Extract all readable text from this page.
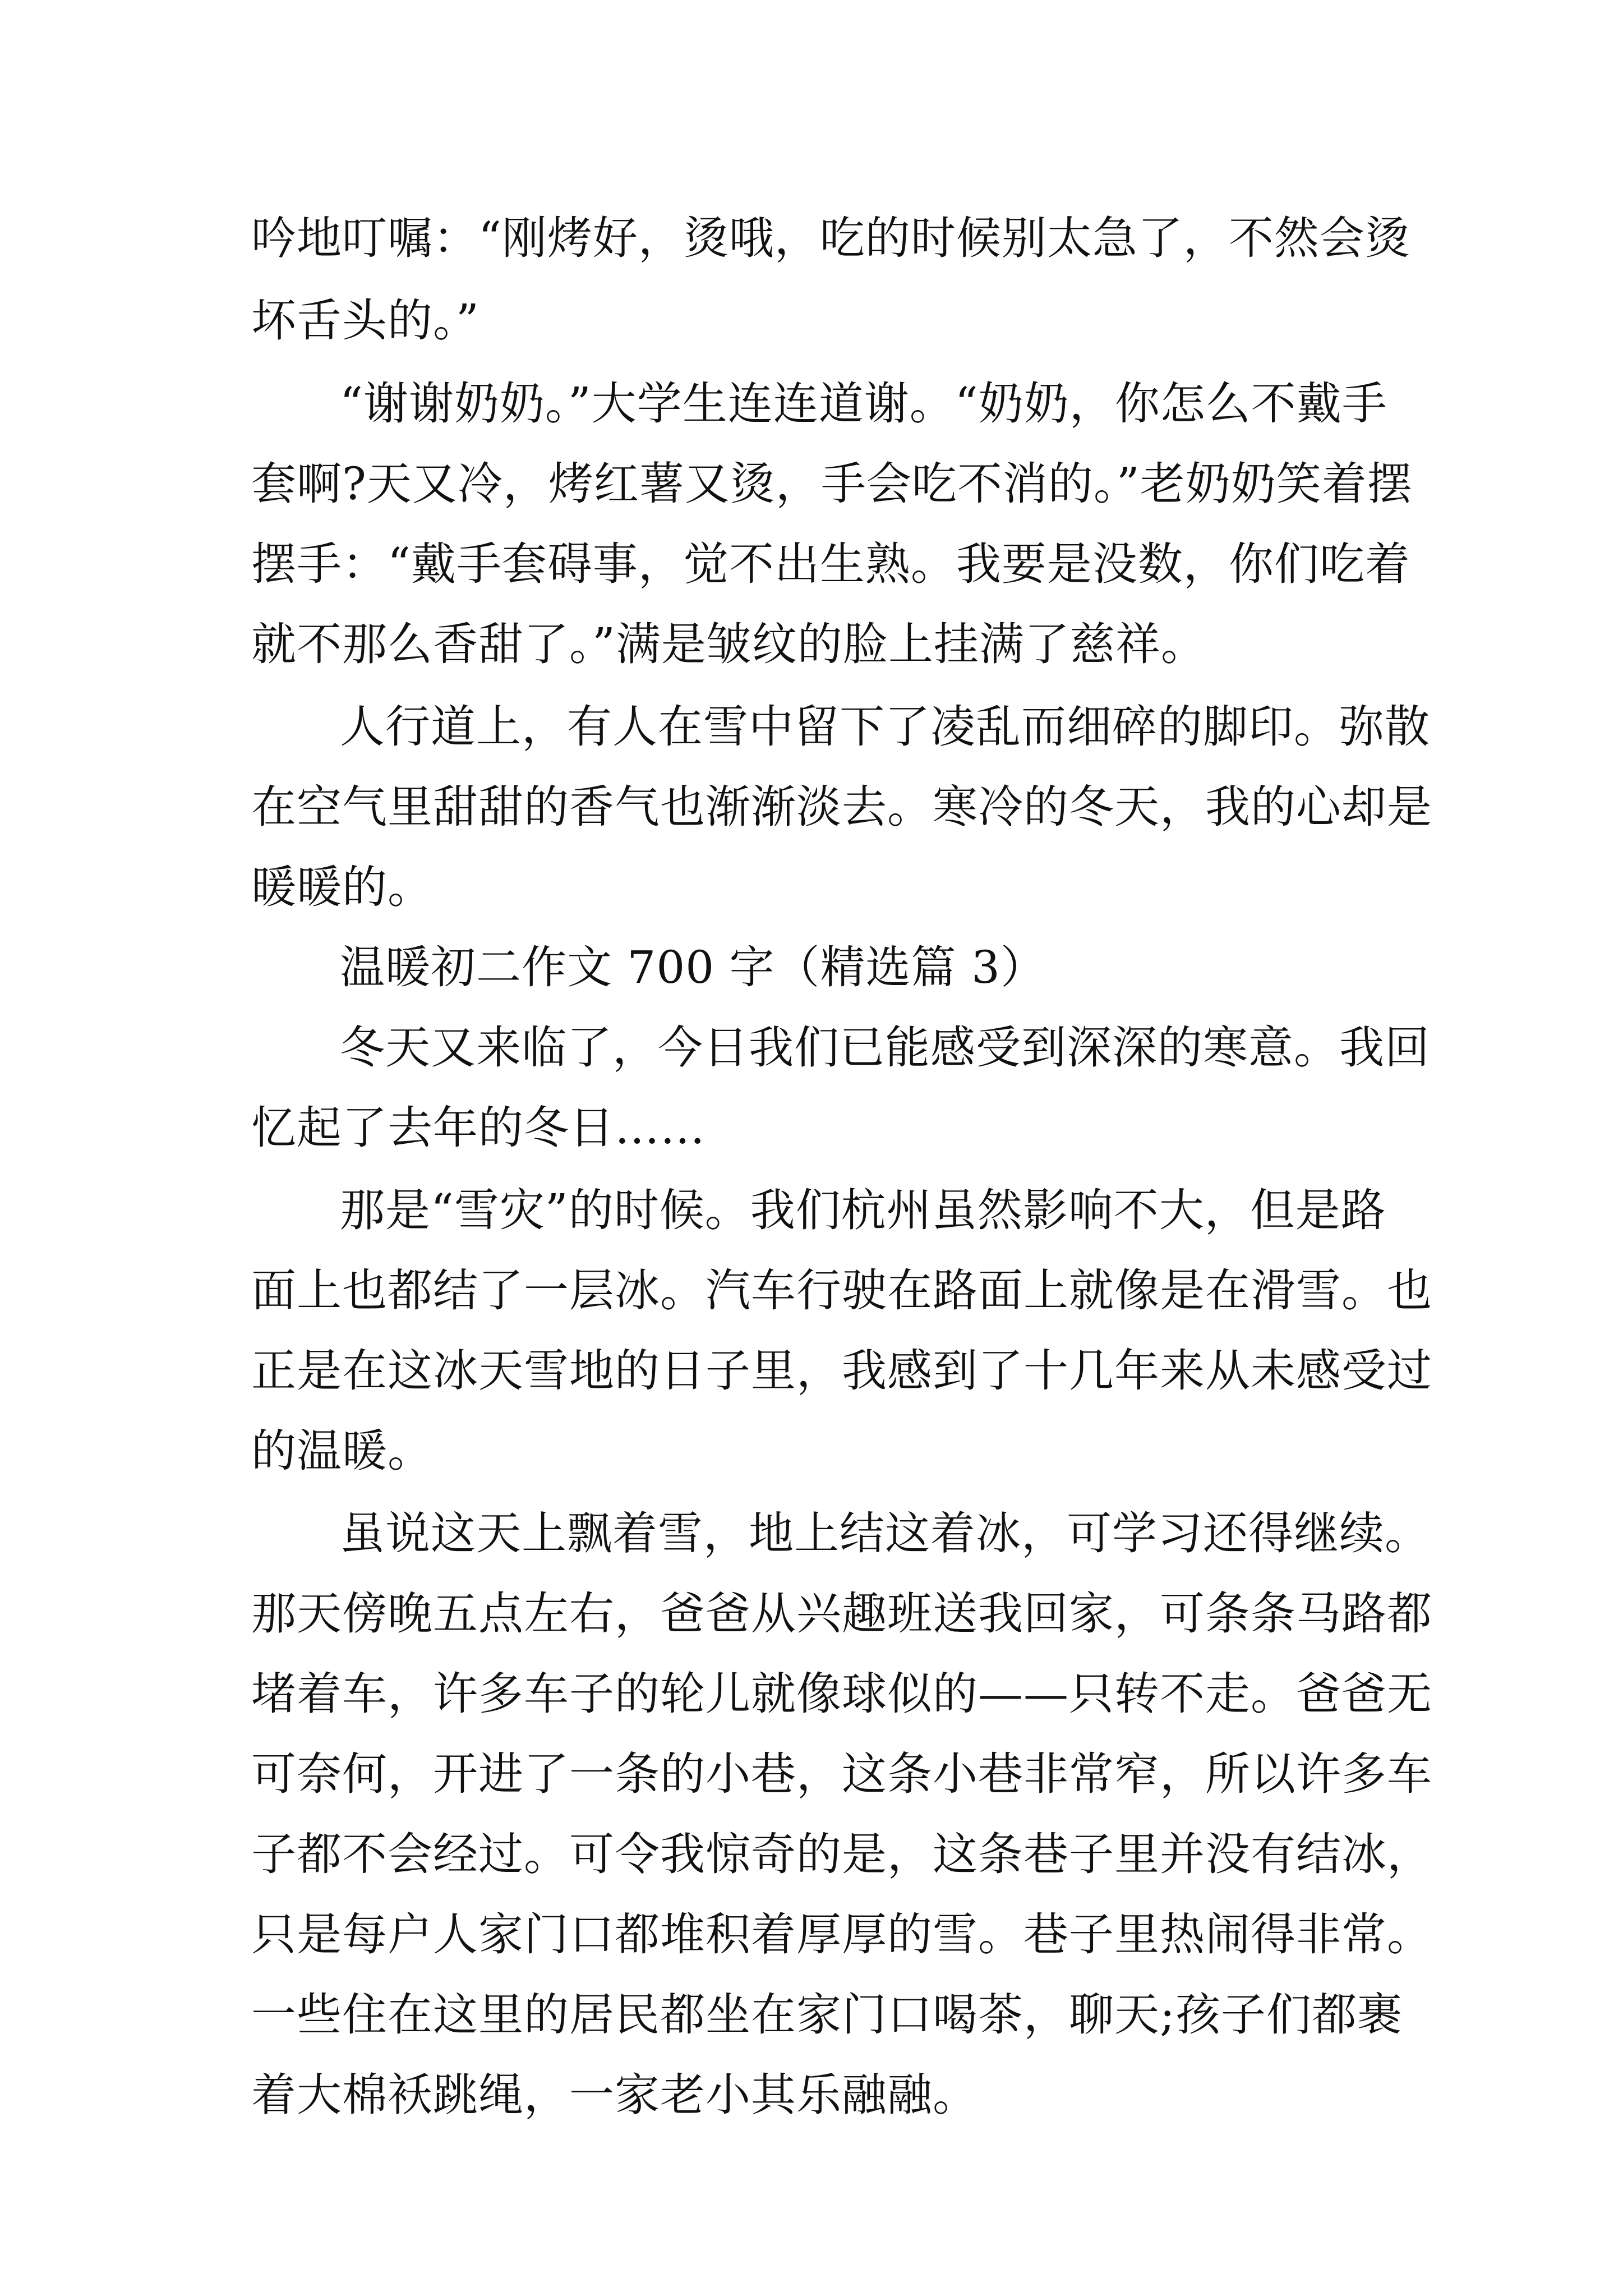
吟地叮嘱：“刚烤好，烫哦，吃的时候别太急了，不然会烫
坏舌头的。”
“谢谢奶奶。”大学生连连道谢。“奶奶，你怎么不戴手
套啊?天又冷，烤红薯又烫，手会吃不消的。”老奶奶笑着摆
摆手：“戴手套碍事，觉不出生熟。我要是没数，你们吃着
就不那么香甜了。”满是皱纹的脸上挂满了慈祥。
人行道上，有人在雪中留下了凌乱而细碎的脚印。弥散
在空气里甜甜的香气也渐渐淡去。寒冷的冬天，我的心却是
暖暖的。
温暖初二作文 700 字（精选篇 3）
冬天又来临了，今日我们已能感受到深深的寒意。我回
忆起了去年的冬日……
那是“雪灾”的时候。我们杭州虽然影响不大，但是路
面上也都结了一层冰。汽车行驶在路面上就像是在滑雪。也
正是在这冰天雪地的日子里，我感到了十几年来从未感受过
的温暖。
虽说这天上飘着雪，地上结这着冰，可学习还得继续。
那天傍晚五点左右，爸爸从兴趣班送我回家，可条条马路都
堵着车，许多车子的轮儿就像球似的——只转不走。爸爸无
可奈何，开进了一条的小巷，这条小巷非常窄，所以许多车
子都不会经过。可令我惊奇的是，这条巷子里并没有结冰，
只是每户人家门口都堆积着厚厚的雪。巷子里热闹得非常。
一些住在这里的居民都坐在家门口喝茶，聊天;孩子们都裹
着大棉袄跳绳，一家老小其乐融融。
